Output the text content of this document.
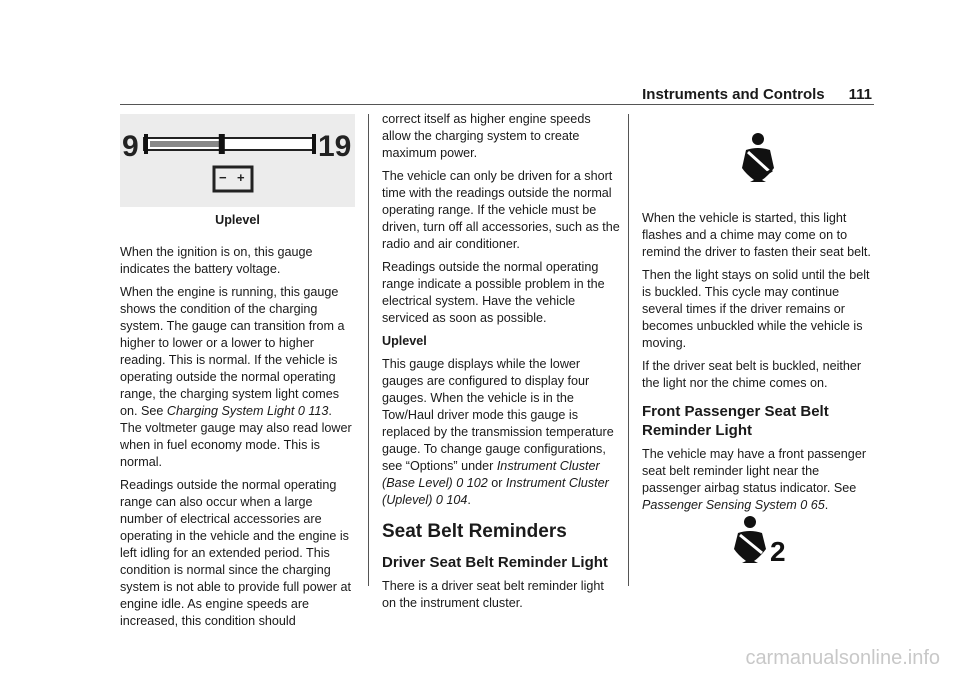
Instruments and Controls 111
9	19
− +
Uplevel

When the ignition is on, this gauge indicates the battery voltage.

When the engine is running, this gauge shows the condition of the charging system. The gauge can transition from a higher to lower or a lower to higher reading. This is normal. If the vehicle is operating outside the normal operating range, the charging system light comes on. See Charging System Light 0 113. The voltmeter gauge may also read lower when in fuel economy mode. This is normal.

Readings outside the normal operating range can also occur when a large number of electrical accessories are operating in the vehicle and the engine is left idling for an extended period. This condition is normal since the charging system is not able to provide full power at engine idle. As engine speeds are increased, this condition should

correct itself as higher engine speeds allow the charging system to create maximum power.

The vehicle can only be driven for a short time with the readings outside the normal operating range. If the vehicle must be driven, turn off all accessories, such as the radio and air conditioner.

Readings outside the normal operating range indicate a possible problem in the electrical system. Have the vehicle serviced as soon as possible.

Uplevel

This gauge displays while the lower gauges are configured to display four gauges. When the vehicle is in the Tow/Haul driver mode this gauge is replaced by the transmission temperature gauge. To change gauge configurations, see “Options” under Instrument Cluster (Base Level) 0 102 or Instrument Cluster (Uplevel) 0 104.

Seat Belt Reminders
Driver Seat Belt Reminder Light

There is a driver seat belt reminder light on the instrument cluster.

When the vehicle is started, this light flashes and a chime may come on to remind the driver to fasten their seat belt.

Then the light stays on solid until the belt is buckled. This cycle may continue several times if the driver remains or becomes unbuckled while the vehicle is moving.

If the driver seat belt is buckled, neither the light nor the chime comes on.

Front Passenger Seat Belt Reminder Light

The vehicle may have a front passenger seat belt reminder light near the passenger airbag status indicator. See Passenger Sensing System 0 65.

2
carmanualsonline.info
